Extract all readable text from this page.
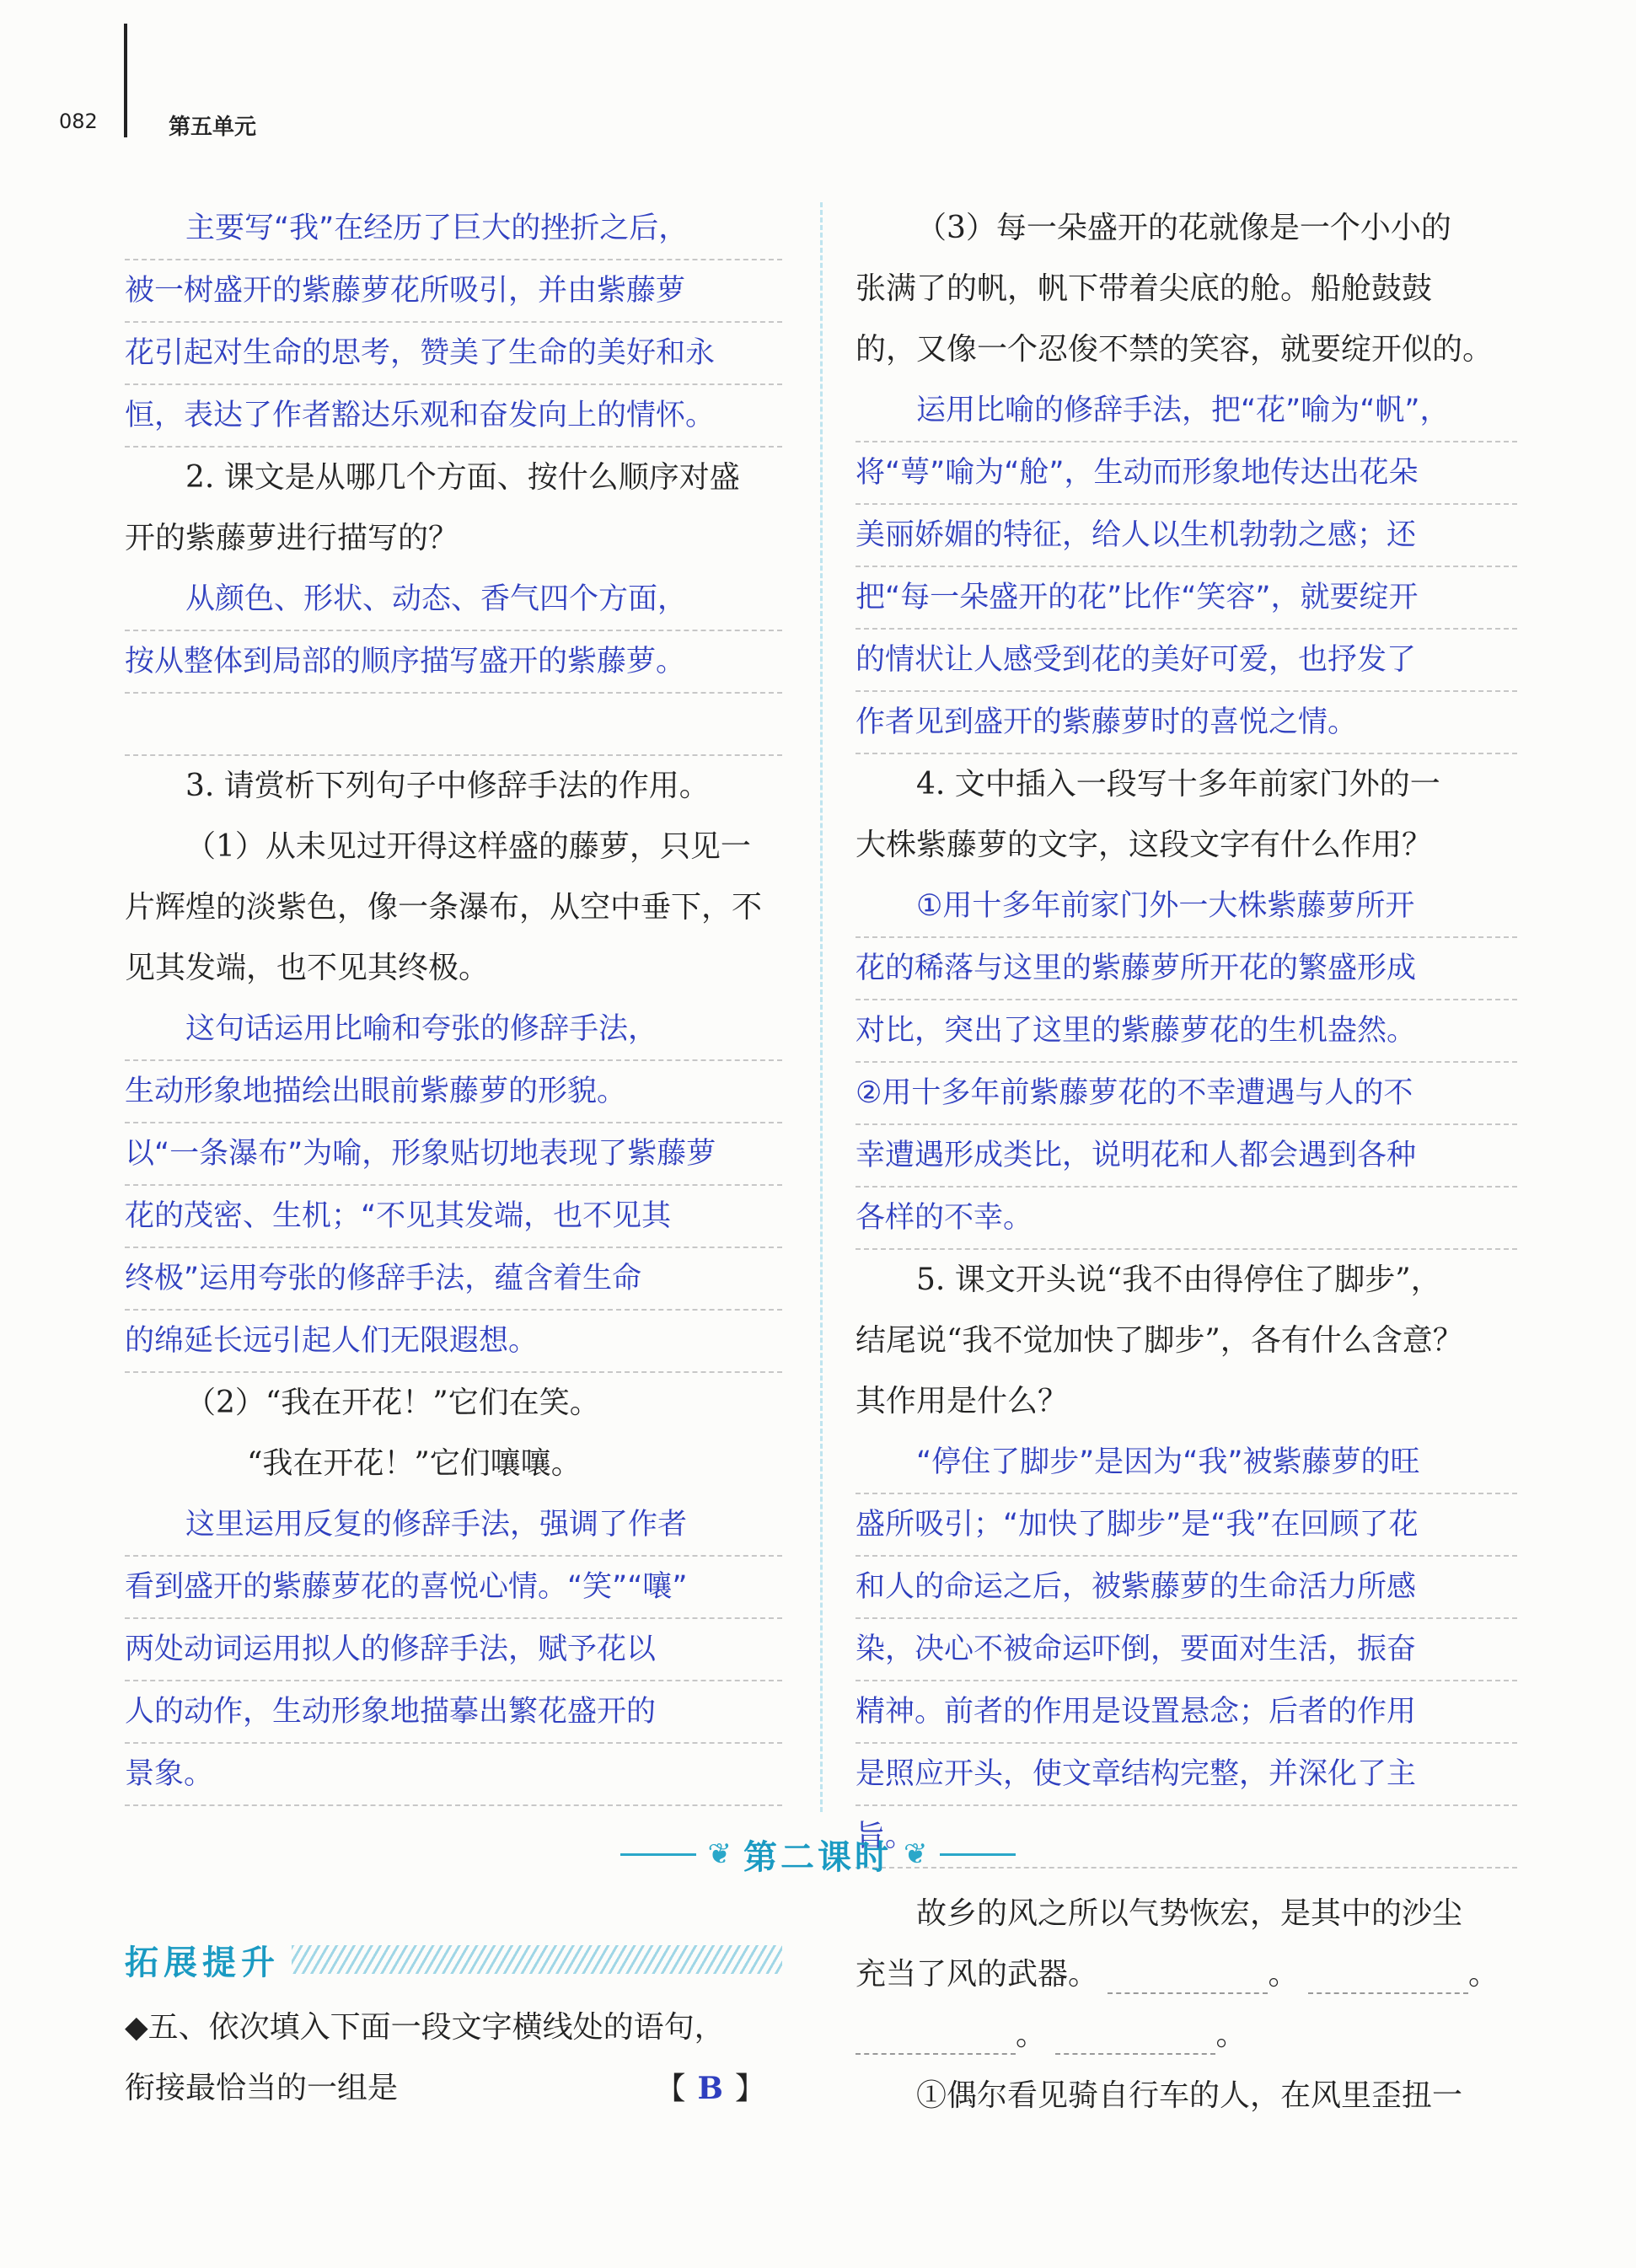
082	第五单元
主要写“我”在经历了巨大的挫折之后，
被一树盛开的紫藤萝花所吸引，并由紫藤萝
花引起对生命的思考，赞美了生命的美好和永
恒，表达了作者豁达乐观和奋发向上的情怀。
2. 课文是从哪几个方面、按什么顺序对盛
开的紫藤萝进行描写的？
从颜色、形状、动态、香气四个方面，
按从整体到局部的顺序描写盛开的紫藤萝。
3. 请赏析下列句子中修辞手法的作用。
（1）从未见过开得这样盛的藤萝，只见一
片辉煌的淡紫色，像一条瀑布，从空中垂下，不
见其发端，也不见其终极。
这句话运用比喻和夸张的修辞手法，
生动形象地描绘出眼前紫藤萝的形貌。
以“一条瀑布”为喻，形象贴切地表现了紫藤萝
花的茂密、生机；“不见其发端，也不见其
终极”运用夸张的修辞手法，蕴含着生命
的绵延长远引起人们无限遐想。
（2）“我在开花！”它们在笑。
“我在开花！”它们嚷嚷。
这里运用反复的修辞手法，强调了作者
看到盛开的紫藤萝花的喜悦心情。“笑”“嚷”
两处动词运用拟人的修辞手法，赋予花以
人的动作，生动形象地描摹出繁花盛开的
景象。
（3）每一朵盛开的花就像是一个小小的
张满了的帆，帆下带着尖底的舱。船舱鼓鼓
的，又像一个忍俊不禁的笑容，就要绽开似的。
运用比喻的修辞手法，把“花”喻为“帆”，
将“萼”喻为“舱”，生动而形象地传达出花朵
美丽娇媚的特征，给人以生机勃勃之感；还
把“每一朵盛开的花”比作“笑容”，就要绽开
的情状让人感受到花的美好可爱，也抒发了
作者见到盛开的紫藤萝时的喜悦之情。
4. 文中插入一段写十多年前家门外的一
大株紫藤萝的文字，这段文字有什么作用？
①用十多年前家门外一大株紫藤萝所开
花的稀落与这里的紫藤萝所开花的繁盛形成
对比，突出了这里的紫藤萝花的生机盎然。
②用十多年前紫藤萝花的不幸遭遇与人的不
幸遭遇形成类比，说明花和人都会遇到各种
各样的不幸。
5. 课文开头说“我不由得停住了脚步”，
结尾说“我不觉加快了脚步”，各有什么含意？
其作用是什么？
“停住了脚步”是因为“我”被紫藤萝的旺
盛所吸引；“加快了脚步”是“我”在回顾了花
和人的命运之后，被紫藤萝的生命活力所感
染，决心不被命运吓倒，要面对生活，振奋
精神。前者的作用是设置悬念；后者的作用
是照应开头，使文章结构完整，并深化了主
旨。
❦ 第二课时 ❦
拓展提升
◆五、依次填入下面一段文字横线处的语句，
衔接最恰当的一组是	【 B 】
故乡的风之所以气势恢宏，是其中的沙尘
充当了风的武器。	。	。
。	。
①偶尔看见骑自行车的人，在风里歪扭一
